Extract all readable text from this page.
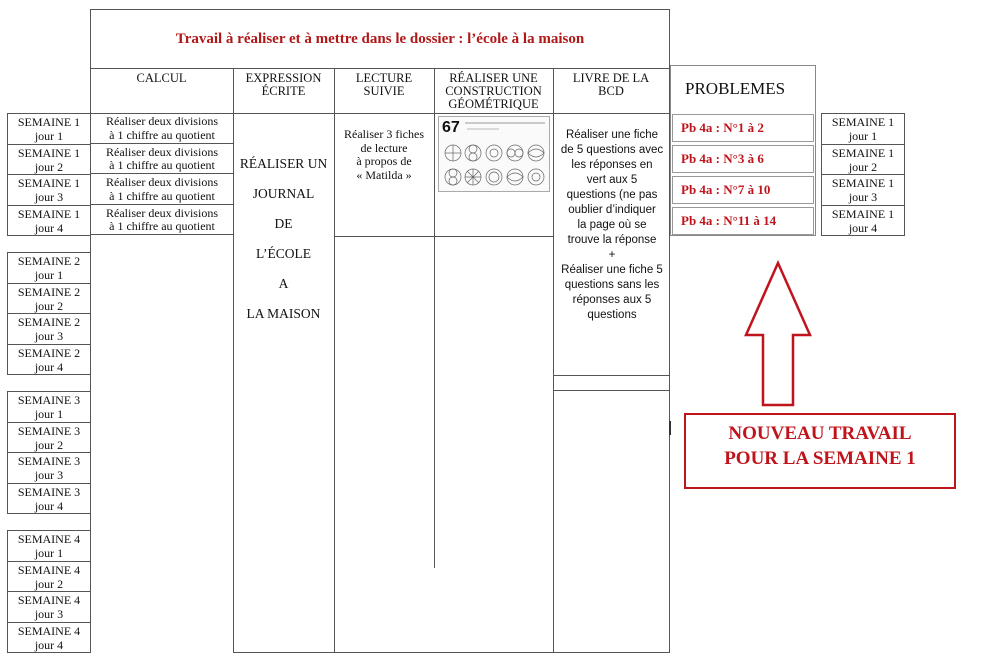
Travail à réaliser et à mettre dans le dossier : l’école à la maison
CALCUL	EXPRESSION ÉCRITE
LECTURE SUIVIE
RÉALISER UNE CONSTRUCTION GÉOMÉTRIQUE
LIVRE DE LA BCD
SEMAINE 1
jour 1
SEMAINE 1
jour 2
SEMAINE 1
jour 3
SEMAINE 1
jour 4
SEMAINE 2
jour 1
SEMAINE 2
jour 2
SEMAINE 2
jour 3
SEMAINE 2
jour 4
SEMAINE 3
jour 1
SEMAINE 3
jour 2
SEMAINE 3
jour 3
SEMAINE 3
jour 4
SEMAINE 4
jour 1
SEMAINE 4
jour 2
SEMAINE 4
jour 3
SEMAINE 4
jour 4
Réaliser deux divisions
à 1 chiffre au quotient
Réaliser deux divisions
à 1 chiffre au quotient
Réaliser deux divisions
à 1 chiffre au quotient
Réaliser deux divisions
à 1 chiffre au quotient
RÉALISER UN
JOURNAL
DE
L’ÉCOLE
A
LA MAISON
Réaliser 3 fiches
de lecture
à propos de
« Matilda »
67	Réaliser une fiche
de 5 questions avec
les réponses en
vert aux 5
questions (ne pas
oublier d’indiquer
la page où se
trouve la réponse
+
Réaliser une fiche 5
questions sans les
réponses aux 5
questions
PROBLEMES
Pb 4a : N°1 à 2
Pb 4a : N°3 à 6
Pb 4a : N°7 à 10
Pb 4a : N°11 à 14
SEMAINE 1
jour 1
SEMAINE 1
jour 2
SEMAINE 1
jour 3
SEMAINE 1
jour 4
NOUVEAU TRAVAIL
POUR LA SEMAINE 1
